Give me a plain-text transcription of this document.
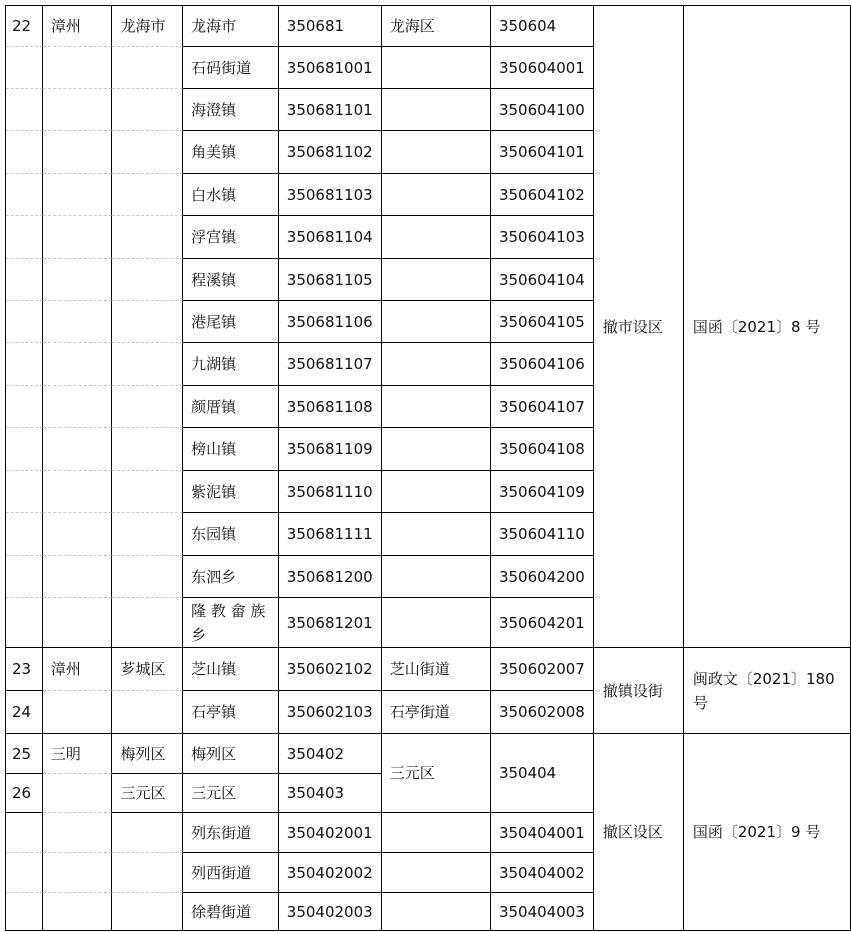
22	漳州	龙海市	龙海市	350681	龙海区	350604	撤市设区	国函〔2021〕8 号
			石码街道	350681001		350604001		
			海澄镇	350681101		350604100		
			角美镇	350681102		350604101		
			白水镇	350681103		350604102		
			浮宫镇	350681104		350604103		
			程溪镇	350681105		350604104		
			港尾镇	350681106		350604105		
			九湖镇	350681107		350604106		
			颜厝镇	350681108		350604107		
			榜山镇	350681109		350604108		
			紫泥镇	350681110		350604109		
			东园镇	350681111		350604110		
			东泗乡	350681200		350604200		
			隆 教 畲 族 乡	350681201		350604201		
23	漳州	芗城区	芝山镇	350602102	芝山街道	350602007	撤镇设街	闽政文〔2021〕180 号
24			石亭镇	350602103	石亭街道	350602008		
25	三明	梅列区	梅列区	350402	三元区	350404	撤区设区	国函〔2021〕9 号
26		三元区	三元区	350403				
			列东街道	350402001		350404001		
			列西街道	350402002		350404002		
			徐碧街道	350402003		350404003		
